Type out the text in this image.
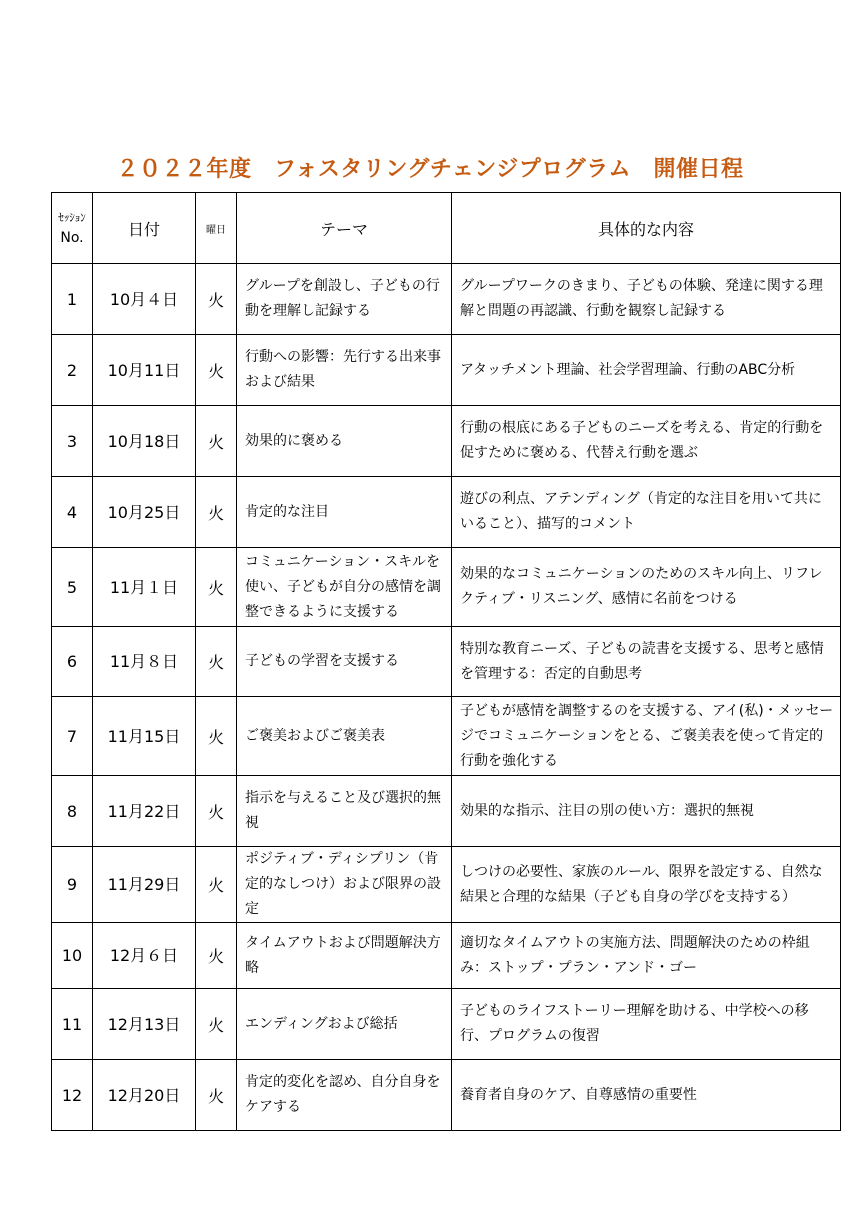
２０２２年度　フォスタリングチェンジプログラム　開催日程
ｾｯｼｮﾝ
No.	日付	曜日	テーマ	具体的な内容
1	10月４日	火	グループを創設し、子どもの行動を理解し記録する	グループワークのきまり、子どもの体験、発達に関する理解と問題の再認識、行動を観察し記録する
2	10月11日	火	行動への影響：先行する出来事および結果	アタッチメント理論、社会学習理論、行動のABC分析
3	10月18日	火	効果的に褒める	行動の根底にある子どものニーズを考える、肯定的行動を促すために褒める、代替え行動を選ぶ
4	10月25日	火	肯定的な注目	遊びの利点、アテンディング（肯定的な注目を用いて共にいること）、描写的コメント
5	11月１日	火	コミュニケーション・スキルを使い、子どもが自分の感情を調整できるように支援する	効果的なコミュニケーションのためのスキル向上、リフレクティブ・リスニング、感情に名前をつける
6	11月８日	火	子どもの学習を支援する	特別な教育ニーズ、子どもの読書を支援する、思考と感情を管理する：否定的自動思考
7	11月15日	火	ご褒美およびご褒美表	子どもが感情を調整するのを支援する、アイ(私)・メッセージでコミュニケーションをとる、ご褒美表を使って肯定的行動を強化する
8	11月22日	火	指示を与えること及び選択的無視	効果的な指示、注目の別の使い方：選択的無視
9	11月29日	火	ポジティブ・ディシプリン（肯定的なしつけ）および限界の設定	しつけの必要性、家族のルール、限界を設定する、自然な結果と合理的な結果（子ども自身の学びを支持する）
10	12月６日	火	タイムアウトおよび問題解決方略	適切なタイムアウトの実施方法、問題解決のための枠組み：ストップ・プラン・アンド・ゴー
11	12月13日	火	エンディングおよび総括	子どものライフストーリー理解を助ける、中学校への移行、プログラムの復習
12	12月20日	火	肯定的変化を認め、自分自身をケアする	養育者自身のケア、自尊感情の重要性
